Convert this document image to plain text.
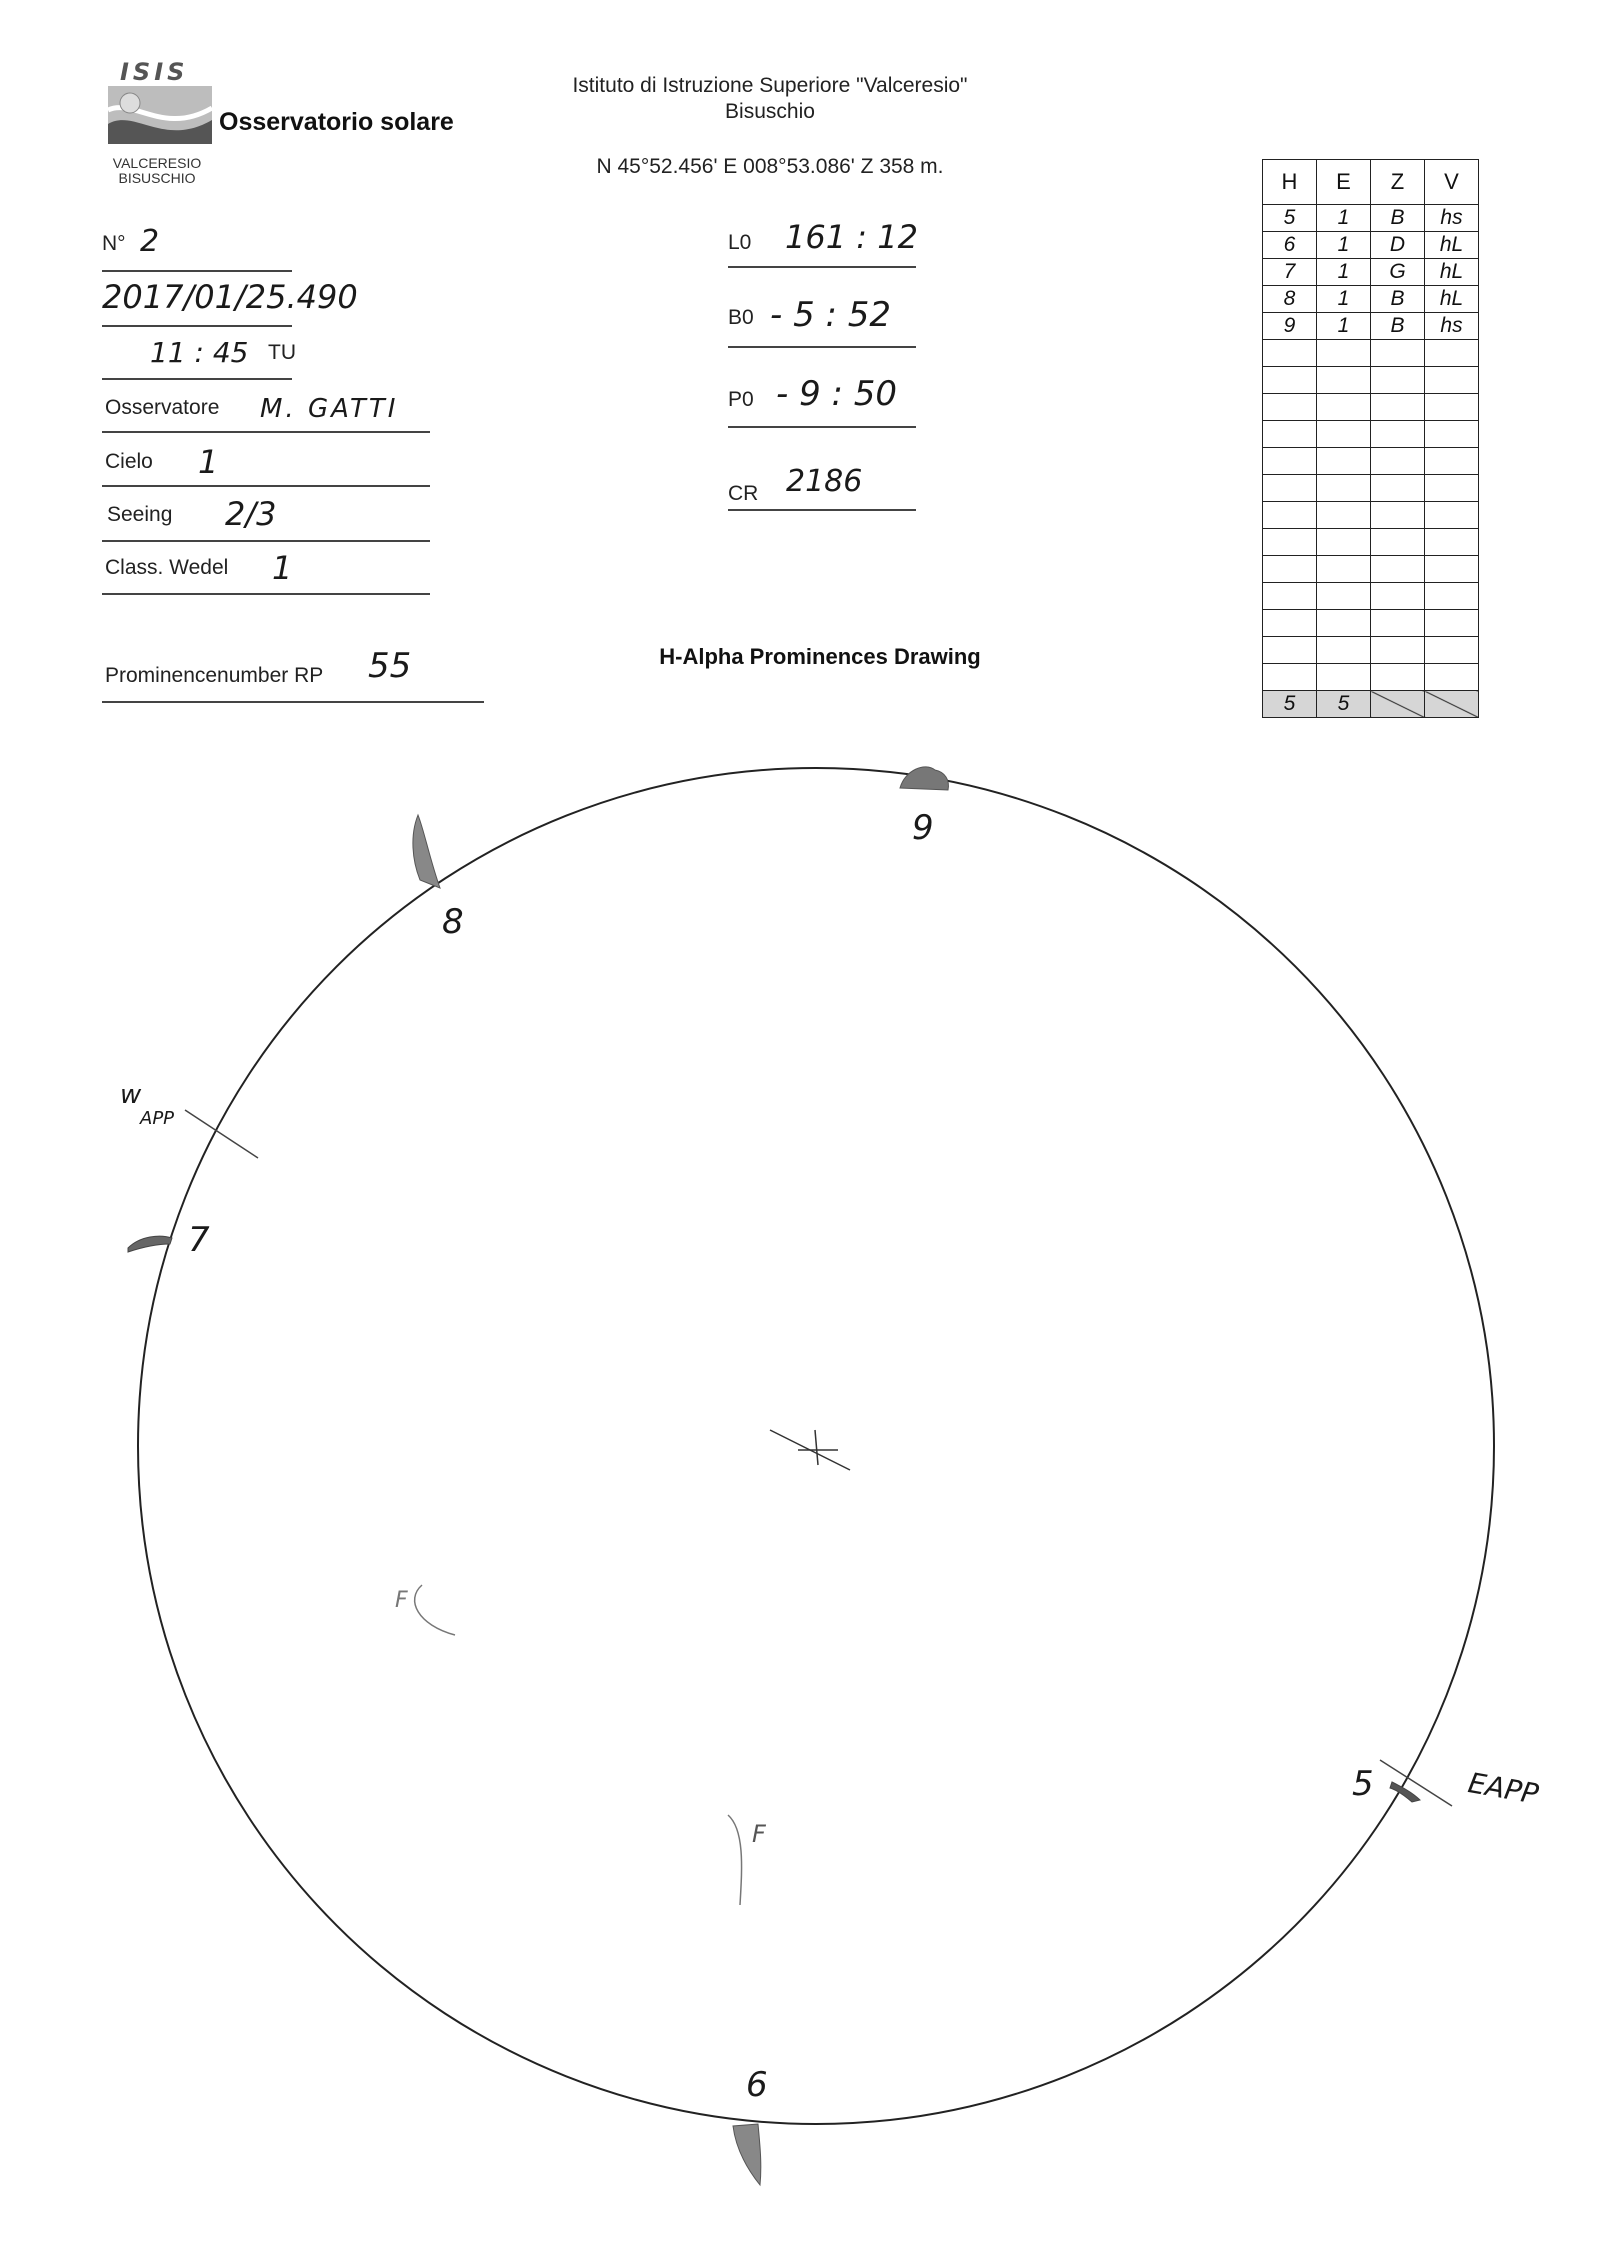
ISIS
VALCERESIO
BISUSCHIO
Osservatorio solare
Istituto di Istruzione Superiore "Valceresio"
Bisuschio
N 45°52.456' E 008°53.086' Z 358 m.
N° 2
2017/01/25.490
11 : 45 TU
Osservatore M. GATTI
Cielo 1
Seeing 2/3
Class. Wedel 1
Prominencenumber RP 55
L0 161 : 12
B0 - 5 : 52
P0 - 9 : 50
CR 2186
H-Alpha Prominences Drawing
H	E	Z	V
5	1	B	hs
6	1	D	hL
7	1	G	hL
8	1	B	hL
9	1	B	hs

5	5		
9
8
7
5
6
w
APP
EAPP
F
F
